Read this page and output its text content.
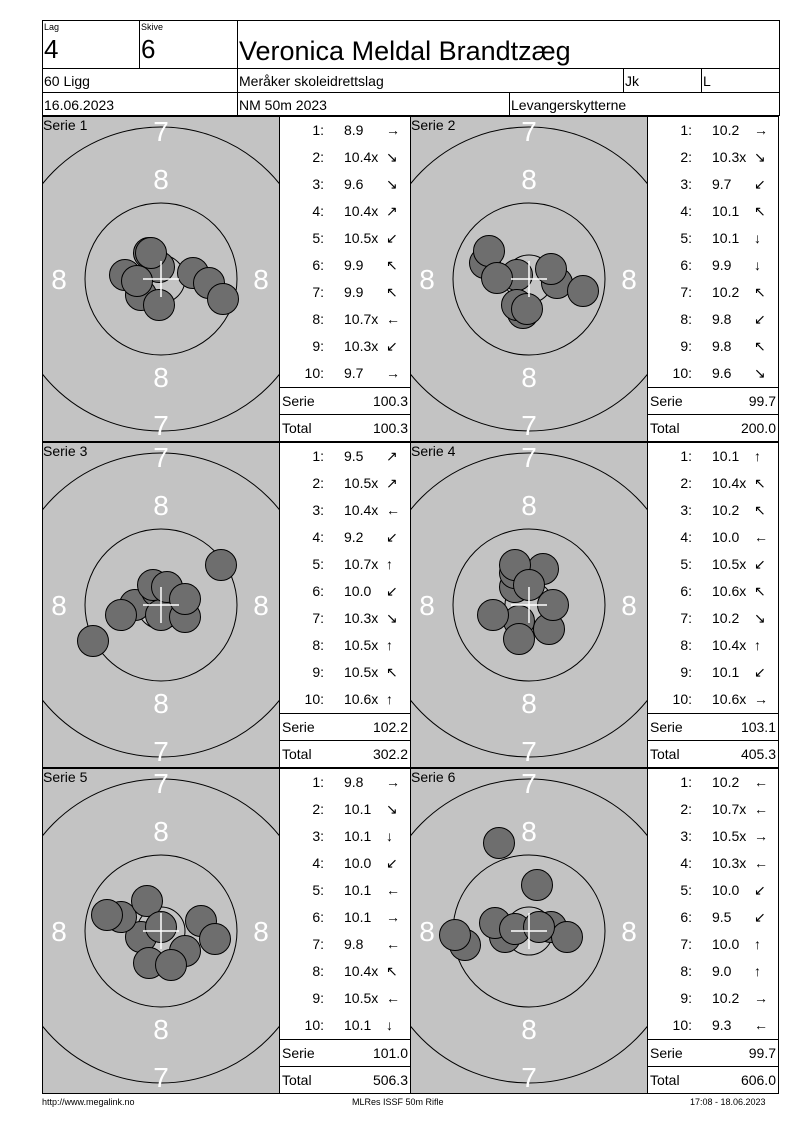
Lag
4
Skive
6	Veronica Meldal Brandtzæg
60 Ligg	Meråker skoleidrettslag	Jk	L
16.06.2023	NM 50m 2023	Levangerskytterne
7
8
8
7
8	8
Serie 1	1: 8.9 →
2: 10.4x ↘
3: 9.6 ↘
4: 10.4x ↗
5: 10.5x ↙
6: 9.9 ↖
7: 9.9 ↖
8: 10.7x ←
9: 10.3x ↙
10: 9.7 →
Serie	100.3
Total	100.3
7
8
8
7
8	8
Serie 2	1: 10.2 →
2: 10.3x ↘
3: 9.7 ↙
4: 10.1 ↖
5: 10.1 ↓
6: 9.9 ↓
7: 10.2 ↖
8: 9.8 ↙
9: 9.8 ↖
10: 9.6 ↘
Serie	99.7
Total	200.0
7
8
8
7
8	8
Serie 3	1: 9.5 ↗
2: 10.5x ↗
3: 10.4x ←
4: 9.2 ↙
5: 10.7x ↑
6: 10.0 ↙
7: 10.3x ↘
8: 10.5x ↑
9: 10.5x ↖
10: 10.6x ↑
Serie	102.2
Total	302.2
7
8
8
7
8	8
Serie 4	1: 10.1 ↑
2: 10.4x ↖
3: 10.2 ↖
4: 10.0 ←
5: 10.5x ↙
6: 10.6x ↖
7: 10.2 ↘
8: 10.4x ↑
9: 10.1 ↙
10: 10.6x →
Serie	103.1
Total	405.3
7
8
8
7
8	8
Serie 5	1: 9.8 →
2: 10.1 ↘
3: 10.1 ↓
4: 10.0 ↙
5: 10.1 ←
6: 10.1 →
7: 9.8 ←
8: 10.4x ↖
9: 10.5x ←
10: 10.1 ↓
Serie	101.0
Total	506.3
7
8
8
7
8	8
Serie 6	1: 10.2 ←
2: 10.7x ←
3: 10.5x →
4: 10.3x ←
5: 10.0 ↙
6: 9.5 ↙
7: 10.0 ↑
8: 9.0 ↑
9: 10.2 →
10: 9.3 ←
Serie	99.7
Total	606.0
http://www.megalink.no	MLRes ISSF 50m Rifle	17:08 - 18.06.2023
